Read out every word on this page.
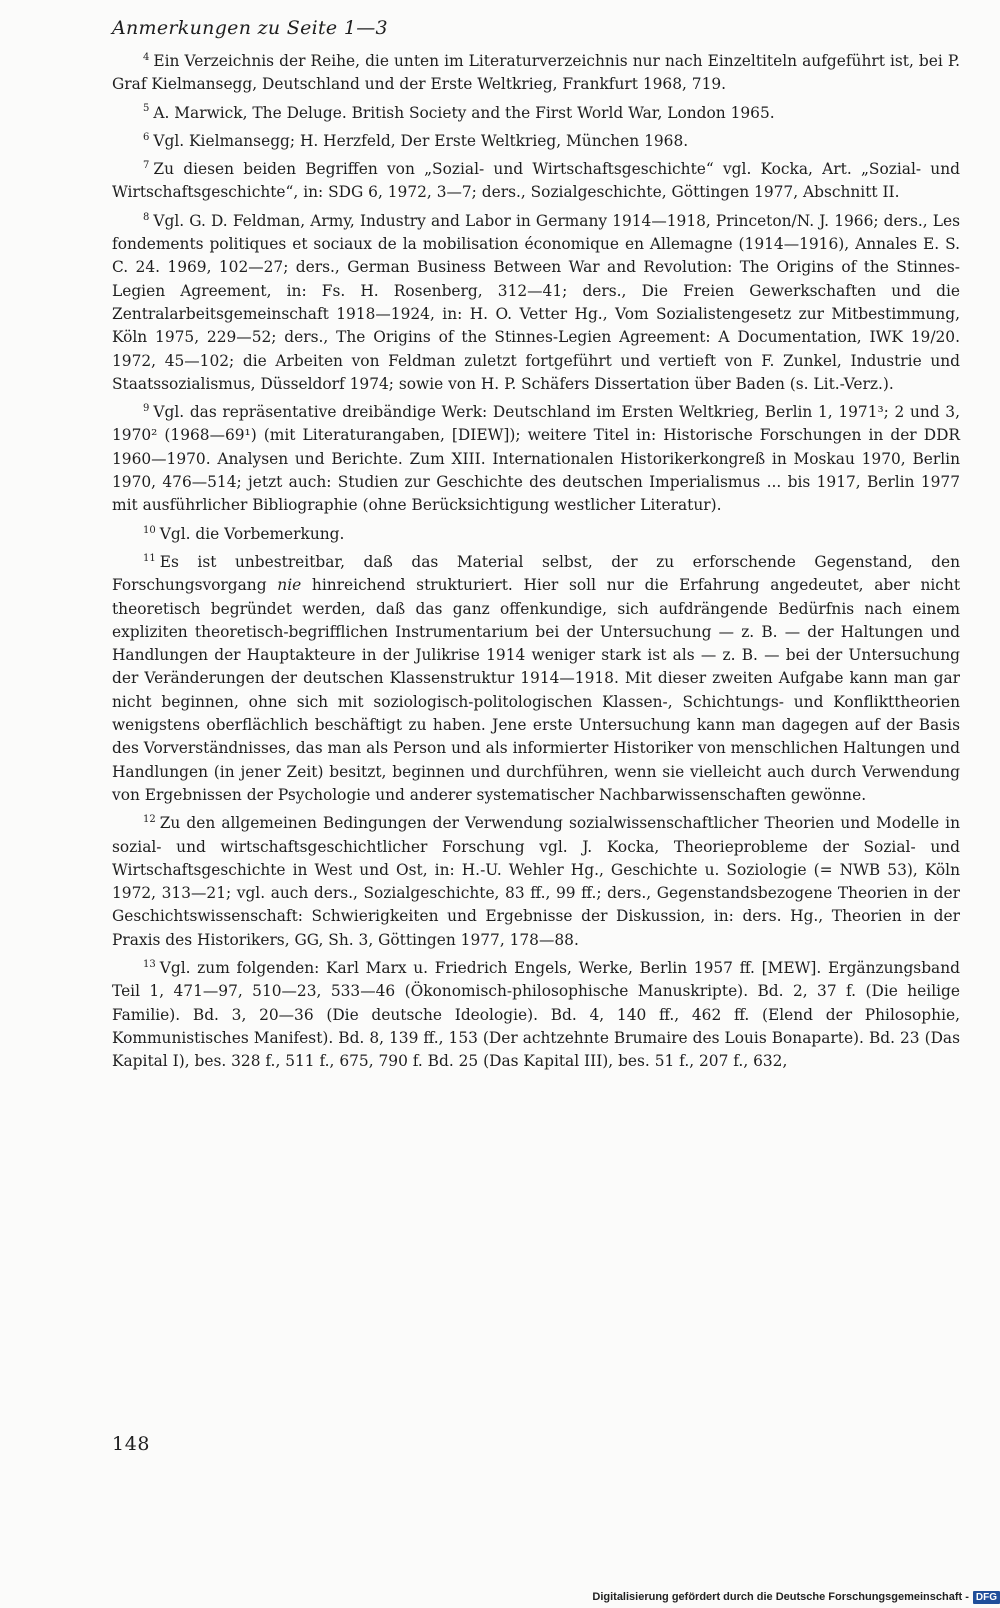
Anmerkungen zu Seite 1—3

$^4$ Ein Verzeichnis der Reihe, die unten im Literaturverzeichnis nur nach Einzeltiteln aufgeführt ist, bei P. Graf Kielmansegg, Deutschland und der Erste Weltkrieg, Frankfurt 1968, 719.

$^5$ A. Marwick, The Deluge. British Society and the First World War, London 1965.

$^6$ Vgl. Kielmansegg; H. Herzfeld, Der Erste Weltkrieg, München 1968.

$^7$ Zu diesen beiden Begriffen von „Sozial- und Wirtschaftsgeschichte“ vgl. Kocka, Art. „Sozial- und Wirtschaftsgeschichte“, in: SDG 6, 1972, 3—7; ders., Sozialgeschichte, Göttingen 1977, Abschnitt II.

$^8$ Vgl. G. D. Feldman, Army, Industry and Labor in Germany 1914—1918, Princeton/N. J. 1966; ders., Les fondements politiques et sociaux de la mobilisation économique en Allemagne (1914—1916), Annales E. S. C. 24. 1969, 102—27; ders., German Business Between War and Revolution: The Origins of the Stinnes-Legien Agreement, in: Fs. H. Rosenberg, 312—41; ders., Die Freien Gewerkschaften und die Zentralarbeitsgemeinschaft 1918—1924, in: H. O. Vetter Hg., Vom Sozialistengesetz zur Mitbestimmung, Köln 1975, 229—52; ders., The Origins of the Stinnes-Legien Agreement: A Documentation, IWK 19/20. 1972, 45—102; die Arbeiten von Feldman zuletzt fortgeführt und vertieft von F. Zunkel, Industrie und Staatssozialismus, Düsseldorf 1974; sowie von H. P. Schäfers Dissertation über Baden (s. Lit.-Verz.).

$^9$ Vgl. das repräsentative dreibändige Werk: Deutschland im Ersten Weltkrieg, Berlin 1, 1971³; 2 und 3, 1970² (1968—69¹) (mit Literaturangaben, [DIEW]); weitere Titel in: Historische Forschungen in der DDR 1960—1970. Analysen und Berichte. Zum XIII. Internationalen Historikerkongreß in Moskau 1970, Berlin 1970, 476—514; jetzt auch: Studien zur Geschichte des deutschen Imperialismus ... bis 1917, Berlin 1977 mit ausführlicher Bibliographie (ohne Berücksichtigung westlicher Literatur).

$^{10}$ Vgl. die Vorbemerkung.

$^{11}$ Es ist unbestreitbar, daß das Material selbst, der zu erforschende Gegenstand, den Forschungsvorgang nie hinreichend strukturiert. Hier soll nur die Erfahrung angedeutet, aber nicht theoretisch begründet werden, daß das ganz offenkundige, sich aufdrängende Bedürfnis nach einem expliziten theoretisch-begrifflichen Instrumentarium bei der Untersuchung — z. B. — der Haltungen und Handlungen der Hauptakteure in der Julikrise 1914 weniger stark ist als — z. B. — bei der Untersuchung der Veränderungen der deutschen Klassenstruktur 1914—1918. Mit dieser zweiten Aufgabe kann man gar nicht beginnen, ohne sich mit soziologisch-politologischen Klassen-, Schichtungs- und Konflikttheorien wenigstens oberflächlich beschäftigt zu haben. Jene erste Untersuchung kann man dagegen auf der Basis des Vorverständnisses, das man als Person und als informierter Historiker von menschlichen Haltungen und Handlungen (in jener Zeit) besitzt, beginnen und durchführen, wenn sie vielleicht auch durch Verwendung von Ergebnissen der Psychologie und anderer systematischer Nachbarwissenschaften gewönne.

$^{12}$ Zu den allgemeinen Bedingungen der Verwendung sozialwissenschaftlicher Theorien und Modelle in sozial- und wirtschaftsgeschichtlicher Forschung vgl. J. Kocka, Theorieprobleme der Sozial- und Wirtschaftsgeschichte in West und Ost, in: H.-U. Wehler Hg., Geschichte u. Soziologie (= NWB 53), Köln 1972, 313—21; vgl. auch ders., Sozialgeschichte, 83 ff., 99 ff.; ders., Gegenstandsbezogene Theorien in der Geschichtswissenschaft: Schwierigkeiten und Ergebnisse der Diskussion, in: ders. Hg., Theorien in der Praxis des Historikers, GG, Sh. 3, Göttingen 1977, 178—88.

$^{13}$ Vgl. zum folgenden: Karl Marx u. Friedrich Engels, Werke, Berlin 1957 ff. [MEW]. Ergänzungsband Teil 1, 471—97, 510—23, 533—46 (Ökonomisch-philosophische Manuskripte). Bd. 2, 37 f. (Die heilige Familie). Bd. 3, 20—36 (Die deutsche Ideologie). Bd. 4, 140 ff., 462 ff. (Elend der Philosophie, Kommunistisches Manifest). Bd. 8, 139 ff., 153 (Der achtzehnte Brumaire des Louis Bonaparte). Bd. 23 (Das Kapital I), bes. 328 f., 511 f., 675, 790 f. Bd. 25 (Das Kapital III), bes. 51 f., 207 f., 632,

148
Digitalisierung gefördert durch die Deutsche Forschungsgemeinschaft - DFG
